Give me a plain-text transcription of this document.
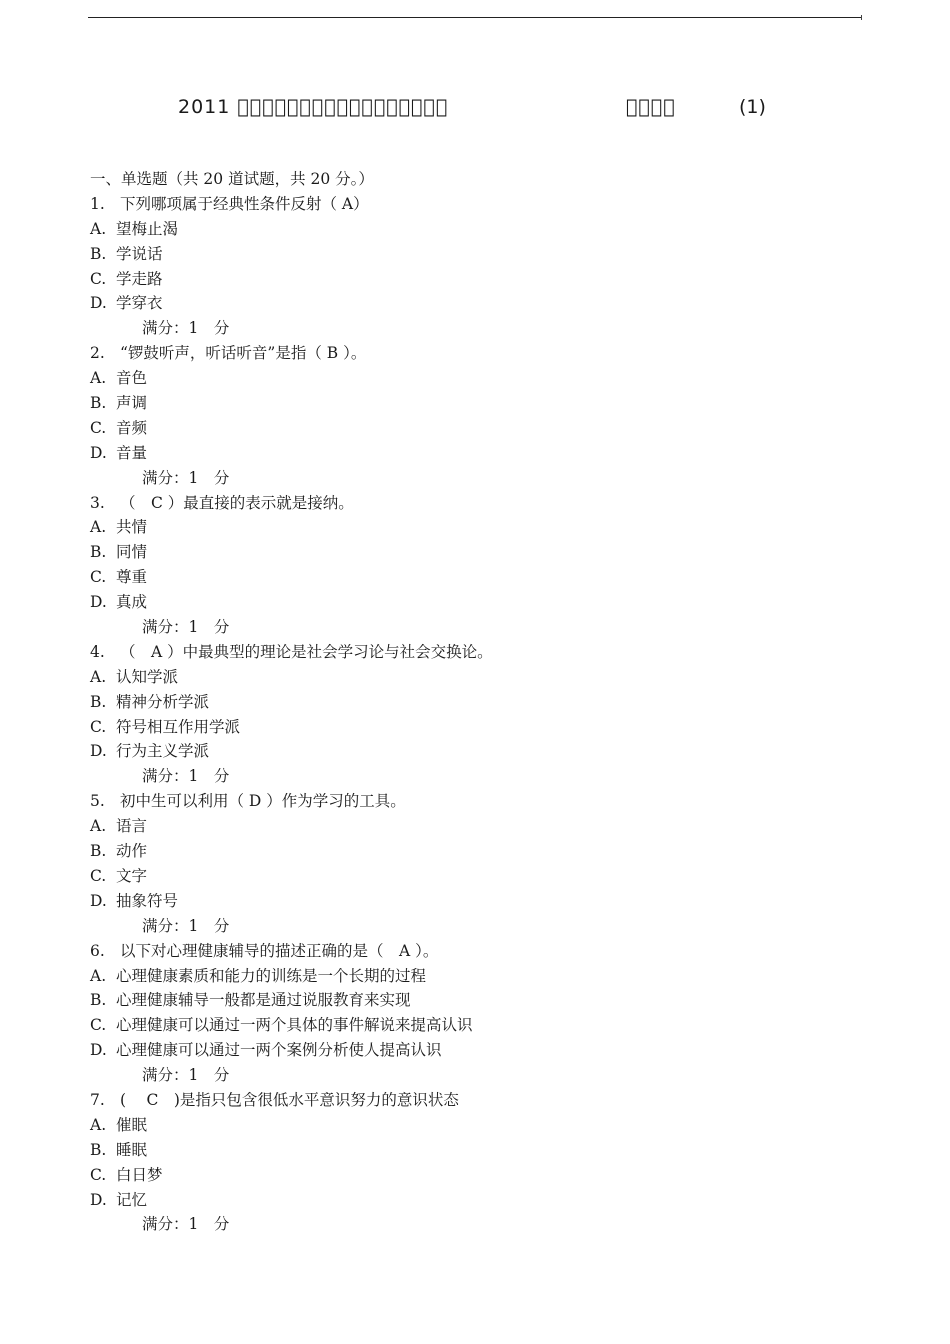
2011 􀀀􀀀􀀀􀀀􀀀􀀀􀀀􀀀􀀀􀀀􀀀􀀀􀀀􀀀􀀀􀀀􀀀	􀀀􀀀􀀀􀀀	(1)
一、单选题（共 20 道试题，共 20 分。）
1. 下列哪项属于经典性条件反射（ A）
A. 望梅止渴
B. 学说话
C. 学走路
D. 学穿衣
满分：1　分
2. “锣鼓听声，听话听音”是指（ B ）。
A. 音色
B. 声调
C. 音频
D. 音量
满分：1　分
3. （　C ）最直接的表示就是接纳。
A. 共情
B. 同情
C. 尊重
D. 真成
满分：1　分
4. （　A ）中最典型的理论是社会学习论与社会交换论。
A. 认知学派
B. 精神分析学派
C. 符号相互作用学派
D. 行为主义学派
满分：1　分
5. 初中生可以利用（ D ）作为学习的工具。
A. 语言
B. 动作
C. 文字
D. 抽象符号
满分：1　分
6. 以下对心理健康辅导的描述正确的是（　A ）。
A. 心理健康素质和能力的训练是一个长期的过程
B. 心理健康辅导一般都是通过说服教育来实现
C. 心理健康可以通过一两个具体的事件解说来提高认识
D. 心理健康可以通过一两个案例分析使人提高认识
满分：1　分
7. (　 C　)是指只包含很低水平意识努力的意识状态
A. 催眠
B. 睡眠
C. 白日梦
D. 记忆
满分：1　分
